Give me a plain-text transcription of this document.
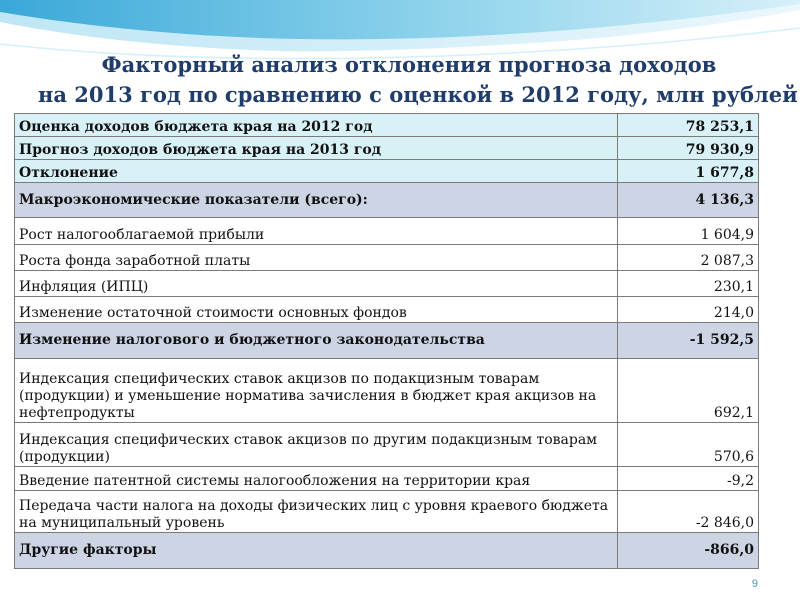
Факторный анализ отклонения прогноза доходов
на 2013 год по сравнению с оценкой в 2012 году, млн рублей
Оценка доходов бюджета края на 2012 год	78 253,1
Прогноз доходов бюджета края на 2013 год	79 930,9
Отклонение	1 677,8
Макроэкономические показатели (всего):	4 136,3
Рост налогооблагаемой прибыли	1 604,9
Роста фонда заработной платы	2 087,3
Инфляция (ИПЦ)	230,1
Изменение остаточной стоимости основных фондов	214,0
Изменение налогового и бюджетного законодательства	-1 592,5
Индексация специфических ставок акцизов по подакцизным товарам (продукции) и уменьшение норматива зачисления в бюджет края акцизов на нефтепродукты	692,1
Индексация специфических ставок акцизов по другим подакцизным товарам (продукции)	570,6
Введение патентной системы налогообложения на территории края	-9,2
Передача части налога на доходы физических лиц с уровня краевого бюджета на муниципальный уровень	-2 846,0
Другие факторы	-866,0
9
